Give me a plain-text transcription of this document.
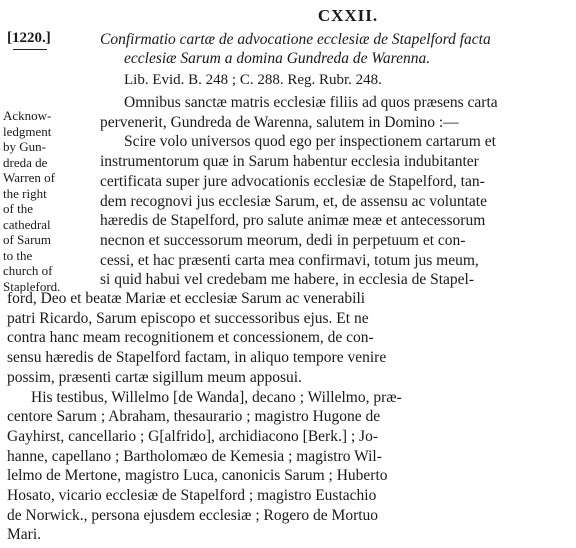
CXXII.
[1220.]	Confirmatio cartæ de advocatione ecclesiæ de Stapelford facta
ecclesiæ Sarum a domina Gundreda de Warenna.
Lib. Evid. B. 248 ; C. 288. Reg. Rubr. 248.
Acknow-
ledgment
by Gun-
dreda de
Warren of
the right
of the
cathedral
of Sarum
to the
church of
Stapleford.
Omnibus sanctæ matris ecclesiæ filiis ad quos præsens carta
pervenerit, Gundreda de Warenna, salutem in Domino :—
Scire volo universos quod ego per inspectionem cartarum et
instrumentorum quæ in Sarum habentur ecclesia indubitanter
certificata super jure advocationis ecclesiæ de Stapelford, tan-
dem recognovi jus ecclesiæ Sarum, et, de assensu ac voluntate
hæredis de Stapelford, pro salute animæ meæ et antecessorum
necnon et successorum meorum, dedi in perpetuum et con-
cessi, et hac præsenti carta mea confirmavi, totum jus meum,
si quid habui vel credebam me habere, in ecclesia de Stapel-
ford, Deo et beatæ Mariæ et ecclesiæ Sarum ac venerabili
patri Ricardo, Sarum episcopo et successoribus ejus. Et ne
contra hanc meam recognitionem et concessionem, de con-
sensu hæredis de Stapelford factam, in aliquo tempore venire
possim, præsenti cartæ sigillum meum apposui.
His testibus, Willelmo [de Wanda], decano ; Willelmo, præ-
centore Sarum ; Abraham, thesaurario ; magistro Hugone de
Gayhirst, cancellario ; G[alfrido], archidiacono [Berk.] ; Jo-
hanne, capellano ; Bartholomæo de Kemesia ; magistro Wil-
lelmo de Mertone, magistro Luca, canonicis Sarum ; Huberto
Hosato, vicario ecclesiæ de Stapelford ; magistro Eustachio
de Norwick., persona ejusdem ecclesiæ ; Rogero de Mortuo
Mari.
